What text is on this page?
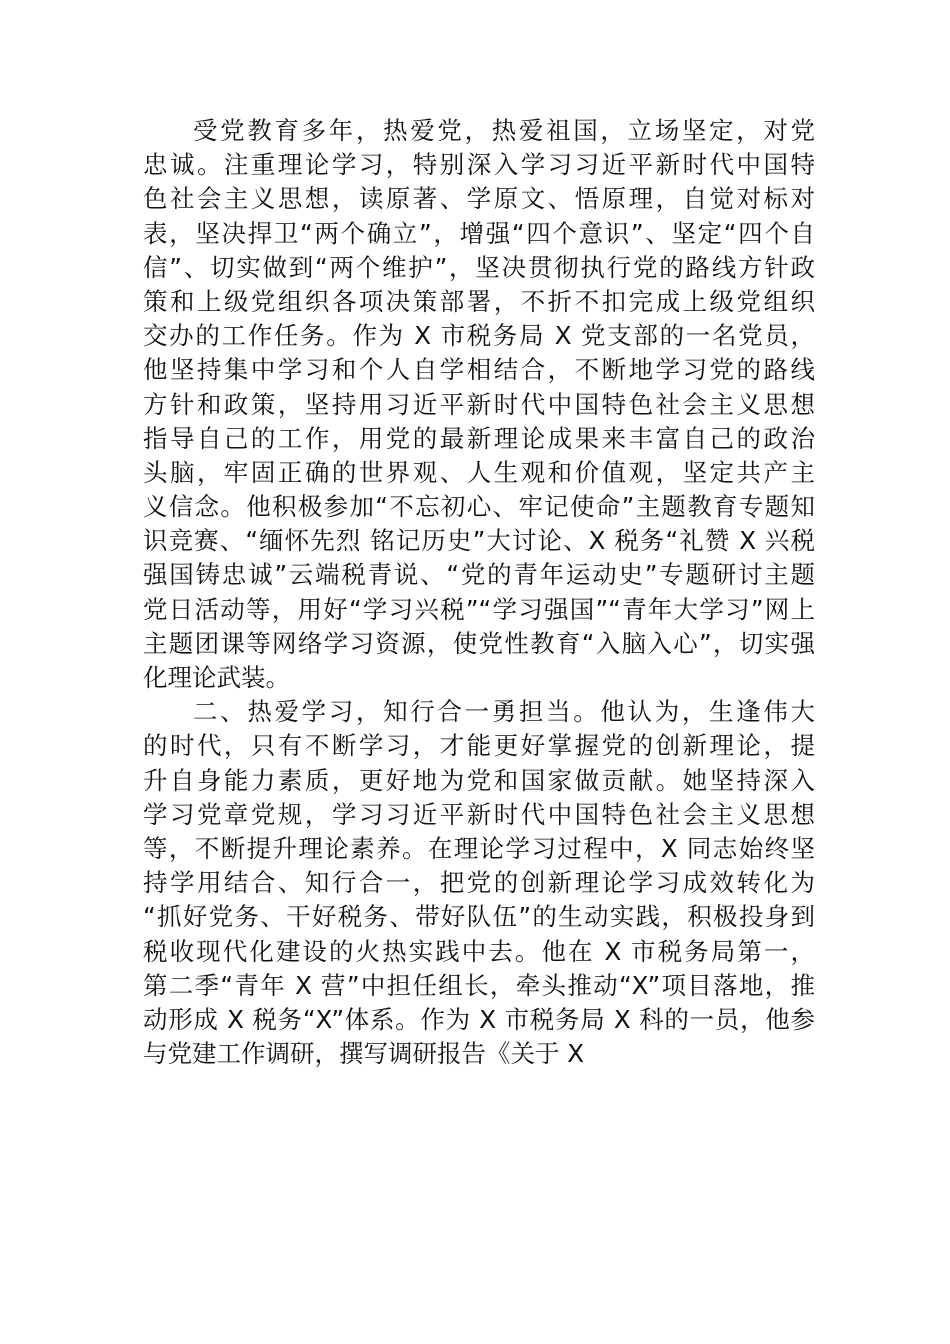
受党教育多年，热爱党，热爱祖国，立场坚定，对党
忠诚。注重理论学习，特别深入学习习近平新时代中国特
色社会主义思想，读原著、学原文、悟原理，自觉对标对
表，坚决捍卫“两个确立”，增强“四个意识”、坚定“四个自
信”、切实做到“两个维护”，坚决贯彻执行党的路线方针政
策和上级党组织各项决策部署，不折不扣完成上级党组织
交办的工作任务。作为 X 市税务局 X 党支部的一名党员，
他坚持集中学习和个人自学相结合，不断地学习党的路线
方针和政策，坚持用习近平新时代中国特色社会主义思想
指导自己的工作，用党的最新理论成果来丰富自己的政治
头脑，牢固正确的世界观、人生观和价值观，坚定共产主
义信念。他积极参加“不忘初心、牢记使命”主题教育专题知
识竞赛、“缅怀先烈 铭记历史”大讨论、X 税务“礼赞 X 兴税
强国铸忠诚”云端税青说、“党的青年运动史”专题研讨主题
党日活动等，用好“学习兴税”“学习强国”“青年大学习”网上
主题团课等网络学习资源，使党性教育“入脑入心”，切实强
化理论武装。
二、热爱学习，知行合一勇担当。他认为，生逢伟大
的时代，只有不断学习，才能更好掌握党的创新理论，提
升自身能力素质，更好地为党和国家做贡献。她坚持深入
学习党章党规，学习习近平新时代中国特色社会主义思想
等，不断提升理论素养。在理论学习过程中，X 同志始终坚
持学用结合、知行合一，把党的创新理论学习成效转化为
“抓好党务、干好税务、带好队伍”的生动实践，积极投身到
税收现代化建设的火热实践中去。他在 X 市税务局第一，
第二季“青年 X 营”中担任组长，牵头推动“X”项目落地，推
动形成 X 税务“X”体系。作为 X 市税务局 X 科的一员，他参
与党建工作调研，撰写调研报告《关于 X
